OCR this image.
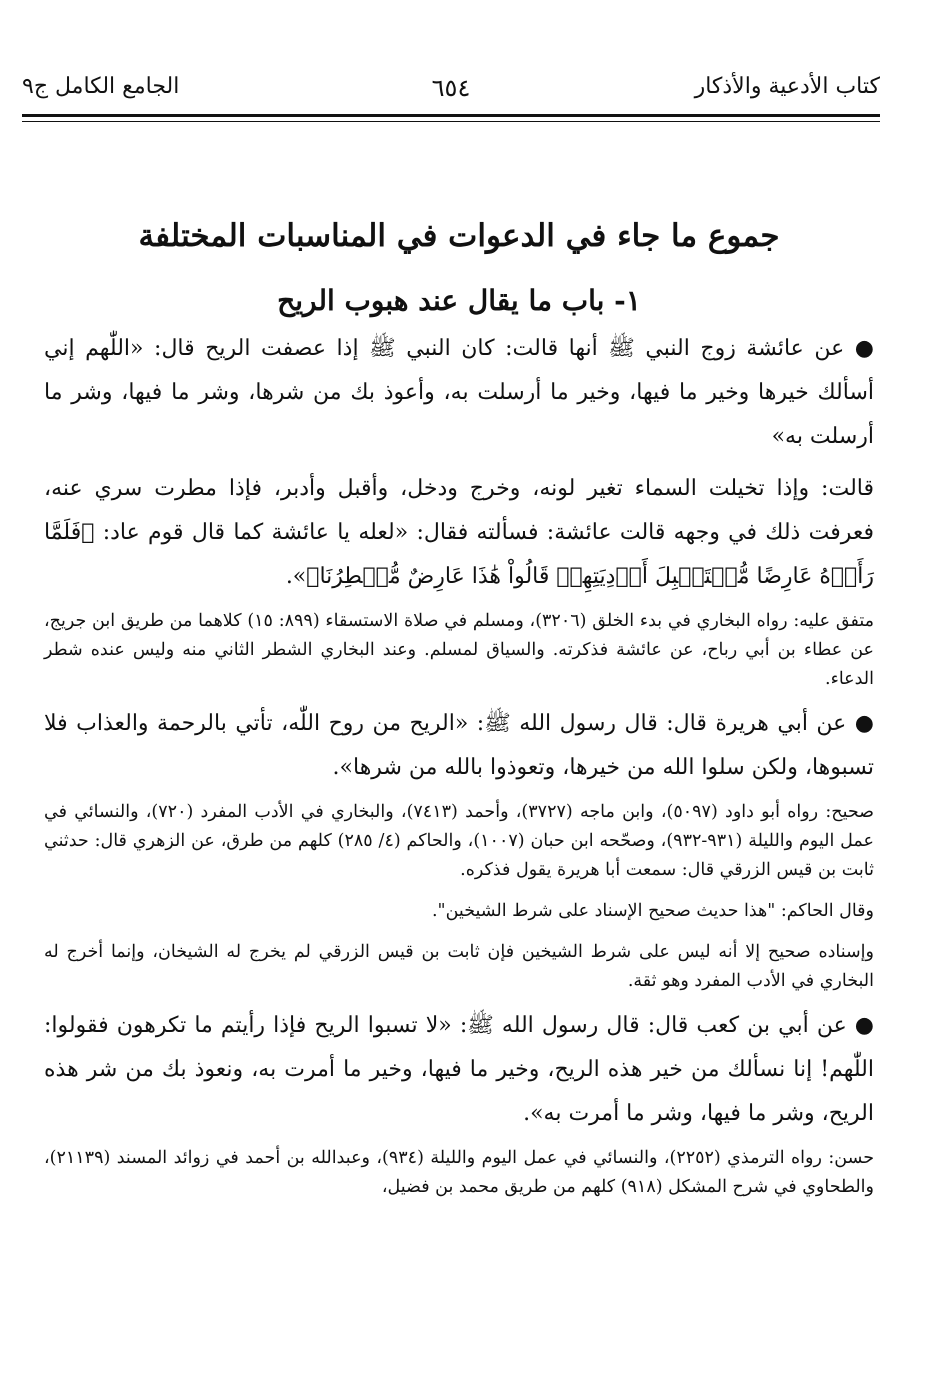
كتاب الأدعية والأذكار
٦٥٤
الجامع الكامل ج٩
جموع ما جاء في الدعوات في المناسبات المختلفة
١- باب ما يقال عند هبوب الريح

● عن عائشة زوج النبي ﷺ أنها قالت: كان النبي ﷺ إذا عصفت الريح قال: «اللّٰهم إني أسألك خيرها وخير ما فيها، وخير ما أرسلت به، وأعوذ بك من شرها، وشر ما فيها، وشر ما أرسلت به»

قالت: وإذا تخيلت السماء تغير لونه، وخرج ودخل، وأقبل وأدبر، فإذا مطرت سري عنه، فعرفت ذلك في وجهه قالت عائشة: فسألته فقال: «لعله يا عائشة كما قال قوم عاد: ﴿فَلَمَّا رَأَوۡهُ عَارِضًا مُّسۡتَقۡبِلَ أَوۡدِيَتِهِمۡ قَالُواْ هَٰذَا عَارِضٌ مُّمۡطِرُنَا﴾».

متفق عليه: رواه البخاري في بدء الخلق (٣٢٠٦)، ومسلم في صلاة الاستسقاء (٨٩٩: ١٥) كلاهما من طريق ابن جريج، عن عطاء بن أبي رباح، عن عائشة فذكرته. والسياق لمسلم. وعند البخاري الشطر الثاني منه وليس عنده شطر الدعاء.

● عن أبي هريرة قال: قال رسول الله ﷺ: «الريح من روح اللّٰه، تأتي بالرحمة والعذاب فلا تسبوها، ولكن سلوا الله من خيرها، وتعوذوا بالله من شرها».

صحيح: رواه أبو داود (٥٠٩٧)، وابن ماجه (٣٧٢٧)، وأحمد (٧٤١٣)، والبخاري في الأدب المفرد (٧٢٠)، والنسائي في عمل اليوم والليلة (٩٣١-٩٣٢)، وصحّحه ابن حبان (١٠٠٧)، والحاكم (٤/ ٢٨٥) كلهم من طرق، عن الزهري قال: حدثني ثابت بن قيس الزرقي قال: سمعت أبا هريرة يقول فذكره.

وقال الحاكم: "هذا حديث صحيح الإسناد على شرط الشيخين".

وإسناده صحيح إلا أنه ليس على شرط الشيخين فإن ثابت بن قيس الزرقي لم يخرج له الشيخان، وإنما أخرج له البخاري في الأدب المفرد وهو ثقة.

● عن أبي بن كعب قال: قال رسول الله ﷺ: «لا تسبوا الريح فإذا رأيتم ما تكرهون فقولوا: اللّٰهم! إنا نسألك من خير هذه الريح، وخير ما فيها، وخير ما أمرت به، ونعوذ بك من شر هذه الريح، وشر ما فيها، وشر ما أمرت به».

حسن: رواه الترمذي (٢٢٥٢)، والنسائي في عمل اليوم والليلة (٩٣٤)، وعبدالله بن أحمد في زوائد المسند (٢١١٣٩)، والطحاوي في شرح المشكل (٩١٨) كلهم من طريق محمد بن فضيل،
